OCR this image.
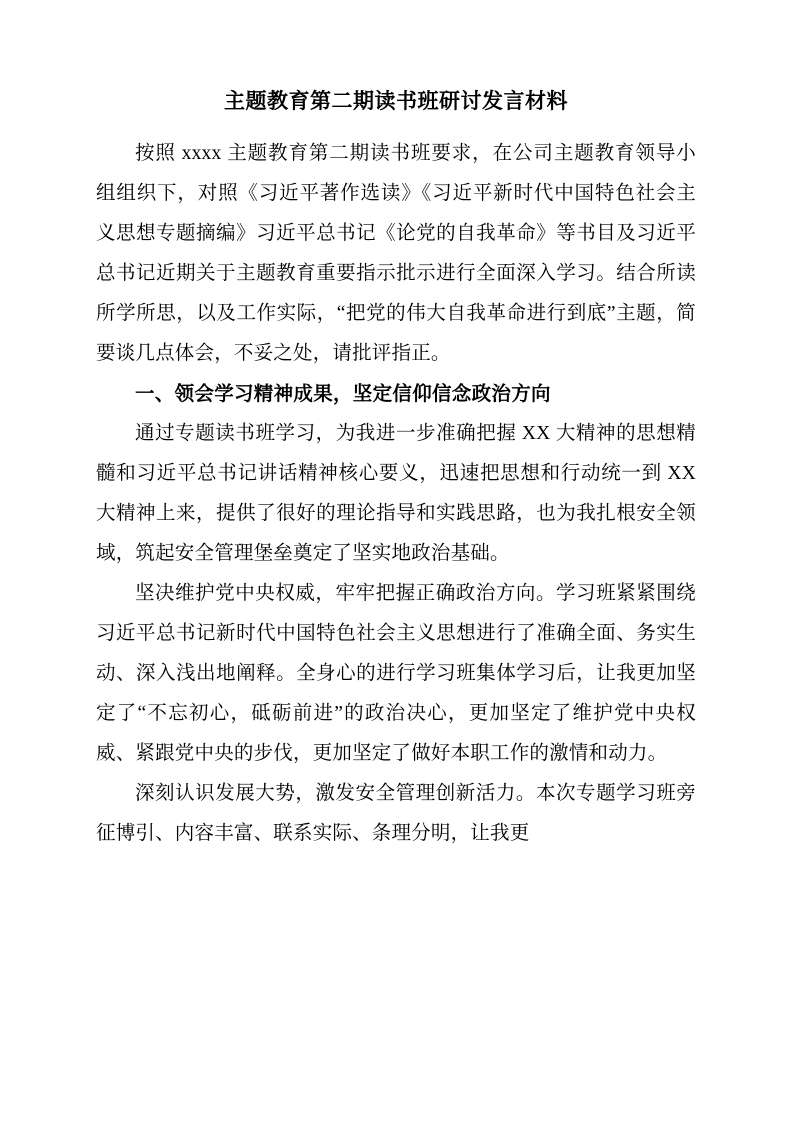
主题教育第二期读书班研讨发言材料

按照 xxxx 主题教育第二期读书班要求，在公司主题教育领导小组组织下，对照《习近平著作选读》《习近平新时代中国特色社会主义思想专题摘编》习近平总书记《论党的自我革命》等书目及习近平总书记近期关于主题教育重要指示批示进行全面深入学习。结合所读所学所思，以及工作实际，“把党的伟大自我革命进行到底”主题，简要谈几点体会，不妥之处，请批评指正。

一、领会学习精神成果，坚定信仰信念政治方向

通过专题读书班学习，为我进一步准确把握 XX 大精神的思想精髓和习近平总书记讲话精神核心要义，迅速把思想和行动统一到 XX 大精神上来，提供了很好的理论指导和实践思路，也为我扎根安全领域，筑起安全管理堡垒奠定了坚实地政治基础。

坚决维护党中央权威，牢牢把握正确政治方向。学习班紧紧围绕习近平总书记新时代中国特色社会主义思想进行了准确全面、务实生动、深入浅出地阐释。全身心的进行学习班集体学习后，让我更加坚定了“不忘初心，砥砺前进”的政治决心，更加坚定了维护党中央权威、紧跟党中央的步伐，更加坚定了做好本职工作的激情和动力。

深刻认识发展大势，激发安全管理创新活力。本次专题学习班旁征博引、内容丰富、联系实际、条理分明，让我更
